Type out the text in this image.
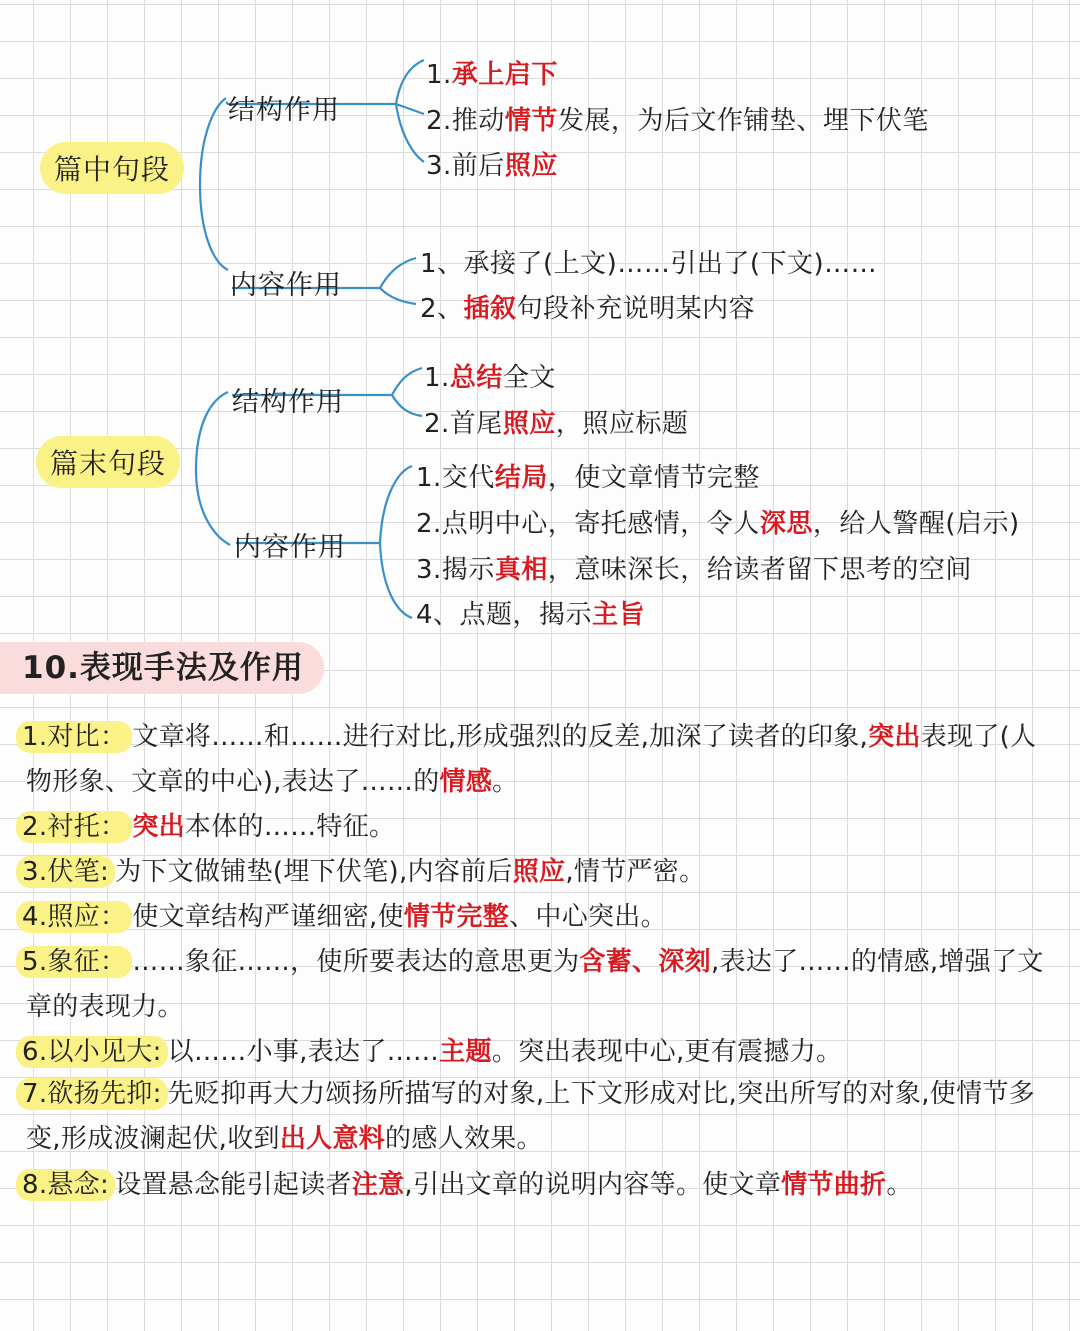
篇中句段
结构作用
内容作用
1.承上启下
2.推动情节发展，为后文作铺垫、埋下伏笔
3.前后照应
1、承接了(上文)……引出了(下文)……
2、插叙句段补充说明某内容
篇末句段
结构作用
内容作用
1.总结全文
2.首尾照应，照应标题
1.交代结局，使文章情节完整
2.点明中心，寄托感情，令人深思，给人警醒(启示)
3.揭示真相，意味深长，给读者留下思考的空间
4、点题，揭示主旨
10.表现手法及作用
1.对比： 文章将……和……进行对比,形成强烈的反差,加深了读者的印象,突出表现了(人物形象、文章的中心),表达了……的情感。
2.衬托： 突出本体的……特征。
3.伏笔: 为下文做铺垫(埋下伏笔),内容前后照应,情节严密。
4.照应： 使文章结构严谨细密,使情节完整、中心突出。
5.象征： ……象征……，使所要表达的意思更为含蓄、深刻,表达了……的情感,增强了文章的表现力。
6.以小见大: 以……小事,表达了……主题。突出表现中心,更有震撼力。
7.欲扬先抑: 先贬抑再大力颂扬所描写的对象,上下文形成对比,突出所写的对象,使情节多变,形成波澜起伏,收到出人意料的感人效果。
8.悬念: 设置悬念能引起读者注意,引出文章的说明内容等。使文章情节曲折。
